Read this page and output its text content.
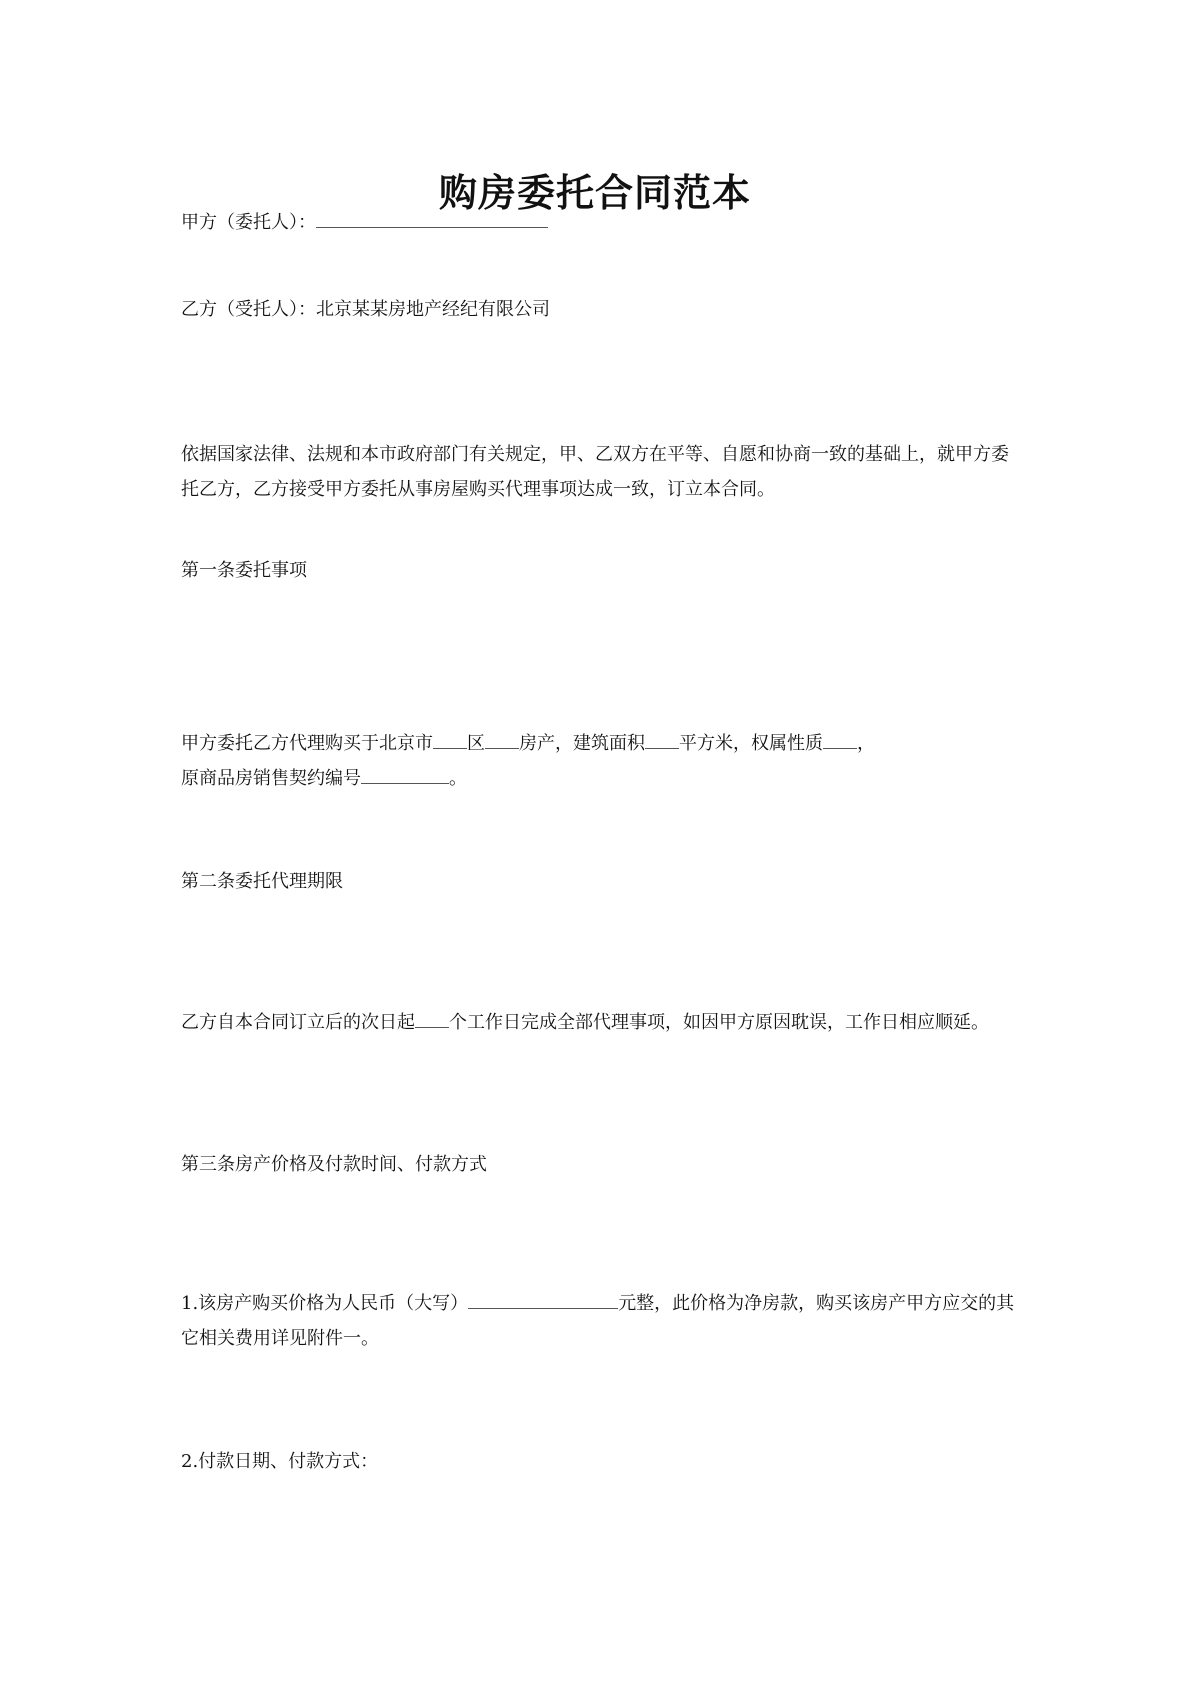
购房委托合同范本
甲方（委托人）：
乙方（受托人）：北京某某房地产经纪有限公司
依据国家法律、法规和本市政府部门有关规定，甲、乙双方在平等、自愿和协商一致的基础上，就甲方委托乙方，乙方接受甲方委托从事房屋购买代理事项达成一致，订立本合同。
第一条委托事项
甲方委托乙方代理购买于北京市 区 房产，建筑面积 平方米，权属性质 ，
原商品房销售契约编号	。
第二条委托代理期限
乙方自本合同订立后的次日起 个工作日完成全部代理事项，如因甲方原因耽误，工作日相应顺延。
第三条房产价格及付款时间、付款方式
1.该房产购买价格为人民币（大写）	元整，此价格为净房款，购买该房产甲方应交的其它相关费用详见附件一。
2.付款日期、付款方式：
